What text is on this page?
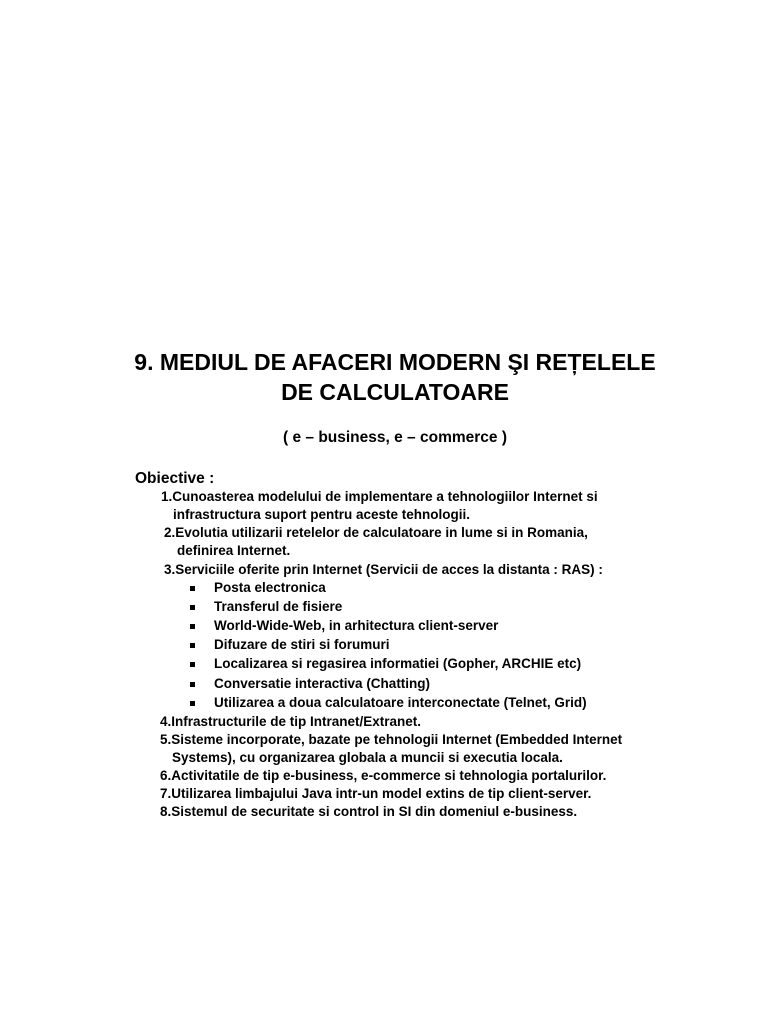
9. MEDIUL DE AFACERI MODERN ŞI REȚELELE
DE CALCULATOARE

( e – business, e – commerce )

Obiective :

1.Cunoasterea modelului de implementare a tehnologiilor Internet si

infrastructura suport pentru aceste tehnologii.

2.Evolutia utilizarii retelelor de calculatoare in lume si in Romania,

definirea Internet.

3.Serviciile oferite prin Internet (Servicii de acces la distanta : RAS) :

Posta electronica
Transferul de fisiere
World-Wide-Web, in arhitectura client-server
Difuzare de stiri si forumuri
Localizarea si regasirea informatiei (Gopher, ARCHIE etc)
Conversatie interactiva (Chatting)
Utilizarea a doua calculatoare interconectate (Telnet, Grid)

4.Infrastructurile de tip Intranet/Extranet.

5.Sisteme incorporate, bazate pe tehnologii Internet (Embedded Internet

Systems), cu organizarea globala a muncii si executia locala.

6.Activitatile de tip e-business, e-commerce si tehnologia portalurilor.

7.Utilizarea limbajului Java intr-un model extins de tip client-server.

8.Sistemul de securitate si control in SI din domeniul e-business.
